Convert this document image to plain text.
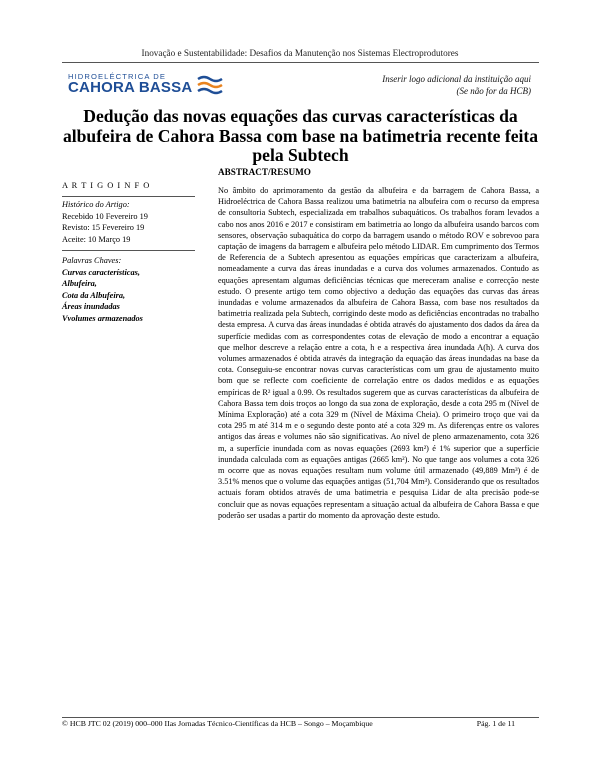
Inovação e Sustentabilidade: Desafios da Manutenção nos Sistemas Electroprodutores
HIDROELÉCTRICA DE
CAHORA BASSA	Inserir logo adicional da instituição aqui
(Se não for da HCB)
Dedução das novas equações das curvas características da albufeira de Cahora Bassa com base na batimetria recente feita pela Subtech
ABSTRACT/RESUMO
A R T I G O I N F O
Histórico do Artigo:
Recebido 10 Fevereiro 19
Revisto: 15 Fevereiro 19
Aceite: 10 Março 19
Palavras Chaves:
Curvas características,
Albufeira,
Cota da Albufeira,
Áreas inundadas
Vvolumes armazenados
No âmbito do aprimoramento da gestão da albufeira e da barragem de Cahora Bassa, a Hidroeléctrica de Cahora Bassa realizou uma batimetria na albufeira com o recurso da empresa de consultoria Subtech, especializada em trabalhos subaquáticos. Os trabalhos foram levados a cabo nos anos 2016 e 2017 e consistiram em batimetria ao longo da albufeira usando barcos com sensores, observação subaquática do corpo da barragem usando o método ROV e sobrevoo para captação de imagens da barragem e albufeira pelo método LIDAR. Em cumprimento dos Termos de Referencia de a Subtech apresentou as equações empíricas que caracterizam a albufeira, nomeadamente a curva das áreas inundadas e a curva dos volumes armazenados. Contudo as equações apresentam algumas deficiências técnicas que mereceram analise e correcção neste estudo. O presente artigo tem como objectivo a dedução das equações das curvas das áreas inundadas e volume armazenados da albufeira de Cahora Bassa, com base nos resultados da batimetria realizada pela Subtech, corrigindo deste modo as deficiências encontradas no trabalho desta empresa. A curva das áreas inundadas é obtida através do ajustamento dos dados da área da superfície medidas com as correspondentes cotas de elevação de modo a encontrar a equação que melhor descreve a relação entre a cota, h e a respectiva área inundada A(h). A curva dos volumes armazenados é obtida através da integração da equação das áreas inundadas na base da cota. Conseguiu-se encontrar novas curvas características com um grau de ajustamento muito bom que se reflecte com coeficiente de correlação entre os dados medidos e as equações empíricas de R² igual a 0.99. Os resultados sugerem que as curvas características da albufeira de Cahora Bassa tem dois troços ao longo da sua zona de exploração, desde a cota 295 m (Nível de Mínima Exploração) até a cota 329 m (Nível de Máxima Cheia). O primeiro troço que vai da cota 295 m até 314 m e o segundo deste ponto até a cota 329 m. As diferenças entre os valores antigos das áreas e volumes não são significativas. Ao nível de pleno armazenamento, cota 326 m, a superfície inundada com as novas equações (2693 km²) é 1% superior que a superfície inundada calculada com as equações antigas (2665 km²). No que tange aos volumes a cota 326 m ocorre que as novas equações resultam num volume útil armazenado (49,889 Mm³) é de 3.51% menos que o volume das equações antigas (51,704 Mm³). Considerando que os resultados actuais foram obtidos através de uma batimetria e pesquisa Lidar de alta precisão pode-se concluir que as novas equações representam a situação actual da albufeira de Cahora Bassa e que poderão ser usadas a partir do momento da aprovação deste estudo.
© HCB JTC 02 (2019) 000–000 IIas Jornadas Técnico-Científicas da HCB – Songo – Moçambique	Pág. 1 de 11
